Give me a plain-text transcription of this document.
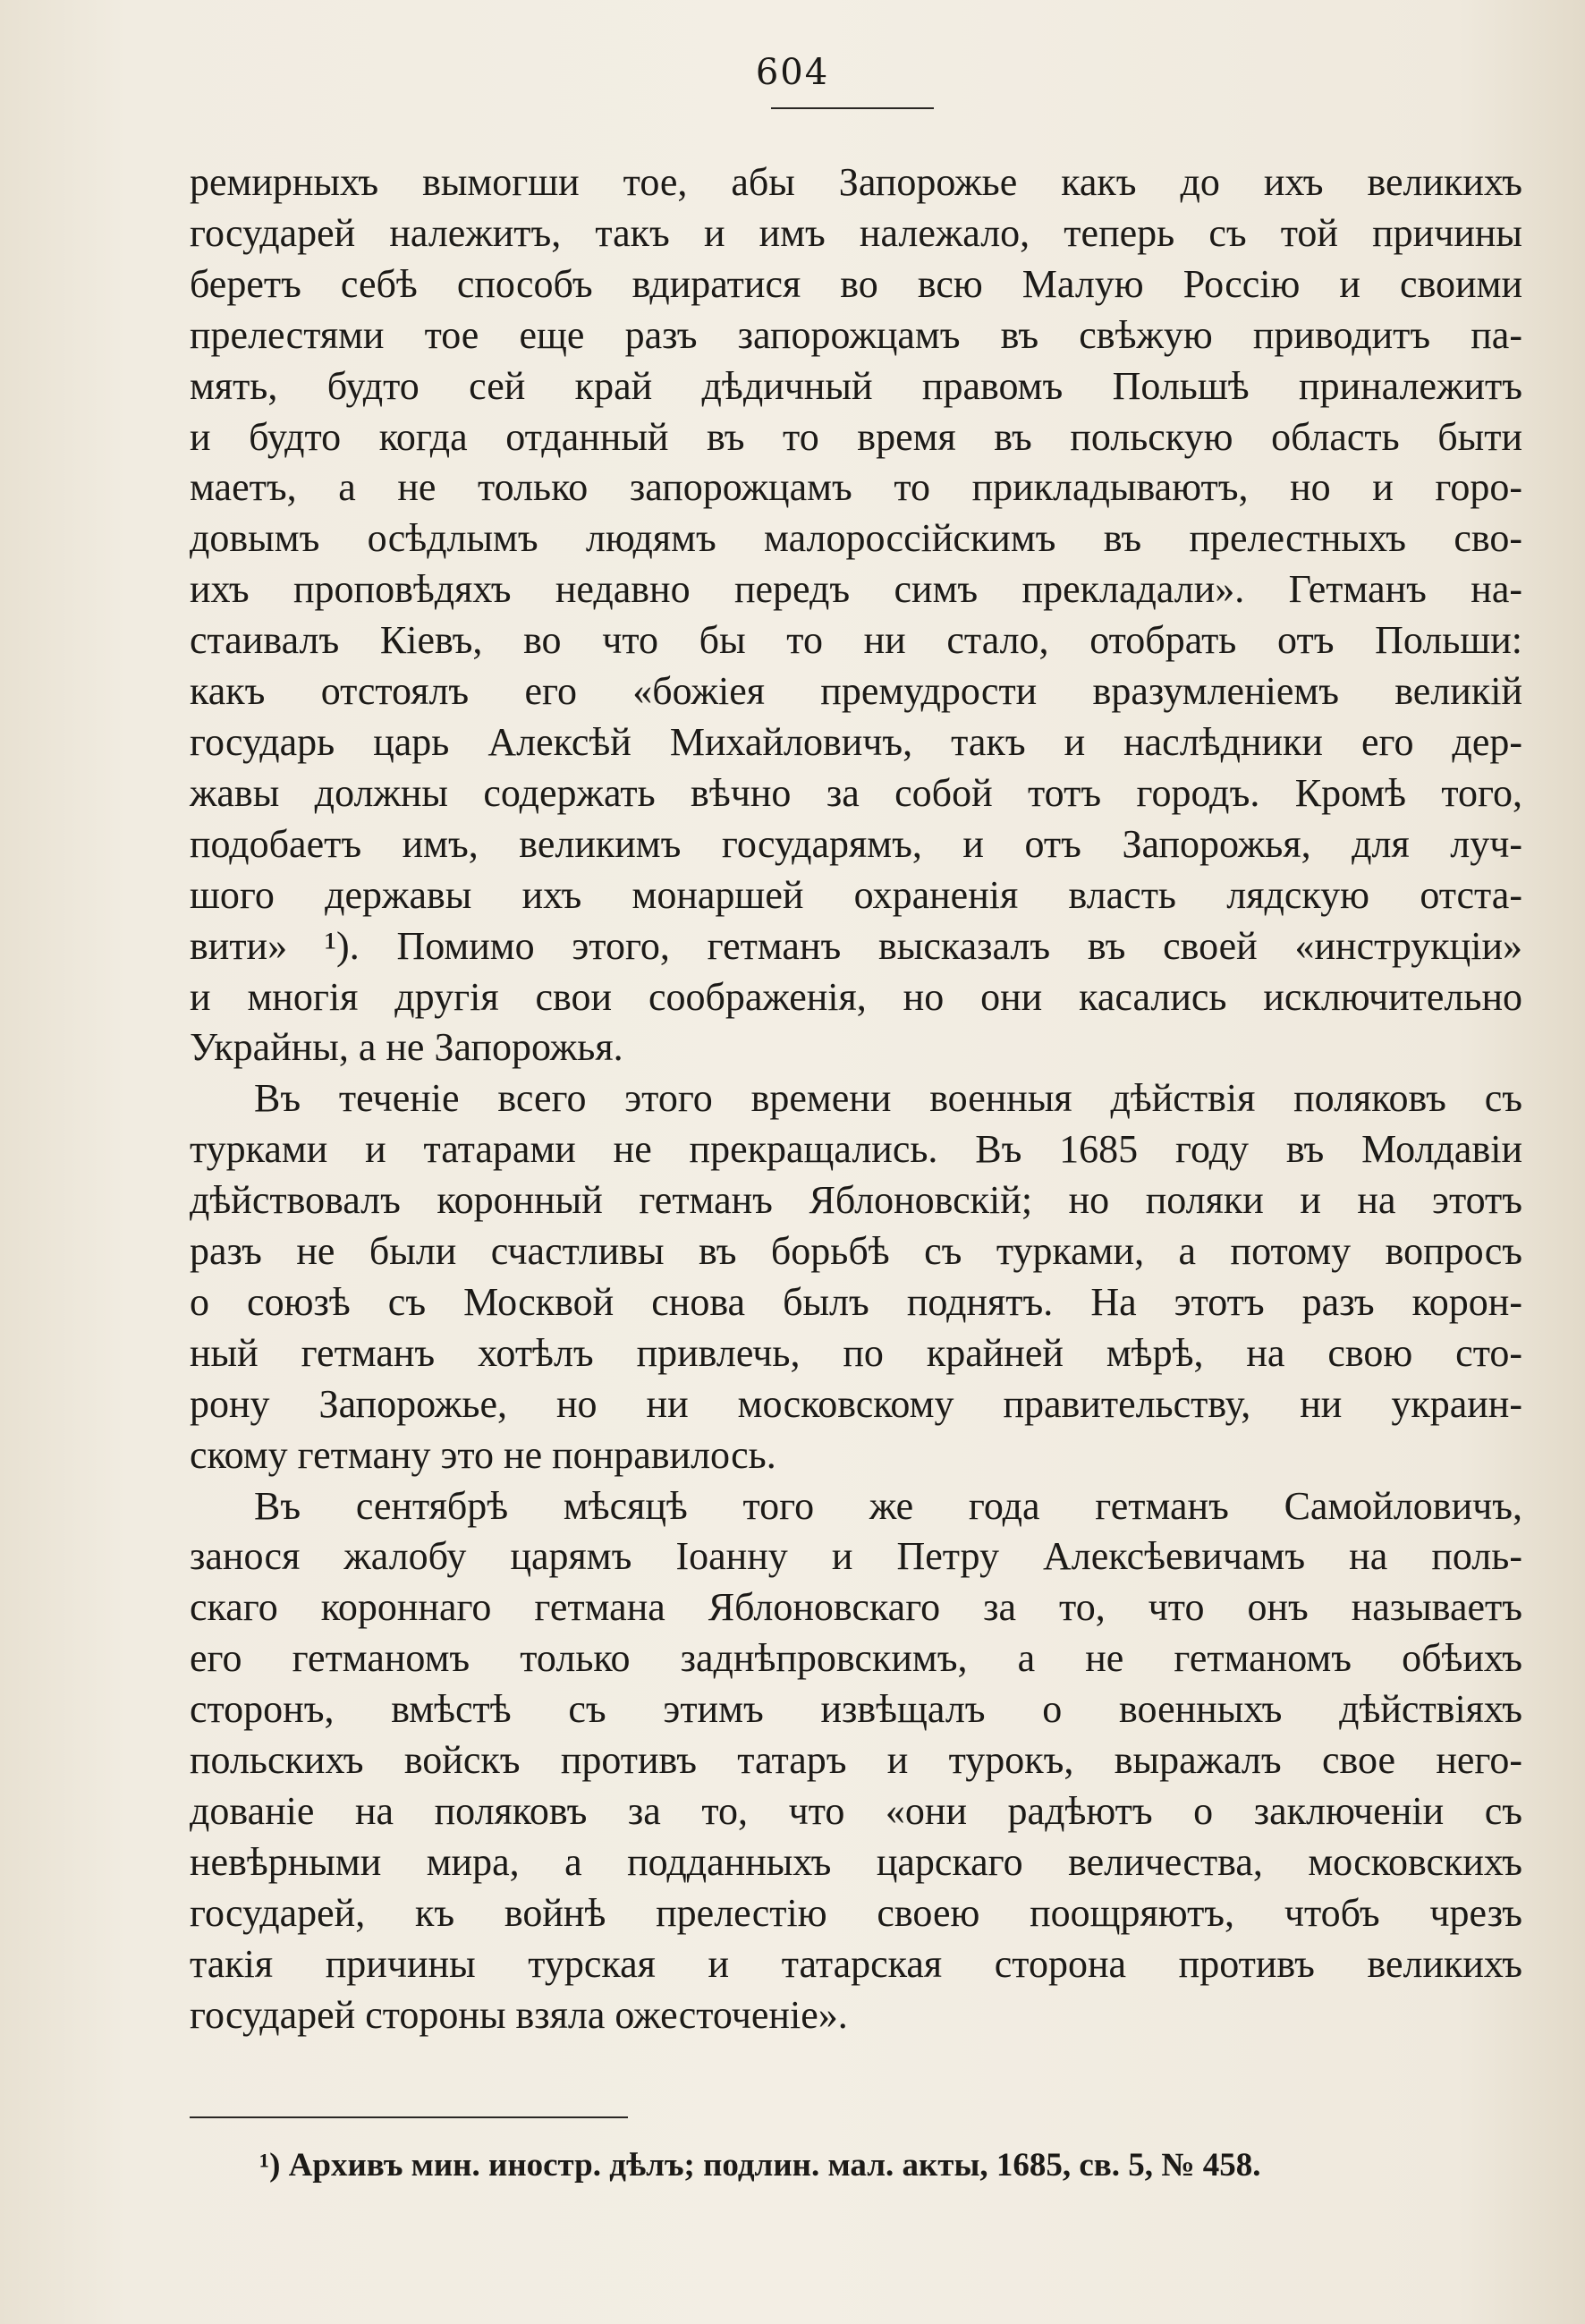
604
ремирныхъ вымогши тое, абы Запорожье какъ до ихъ великихъ
государей належитъ, такъ и имъ належало, теперь съ той причины
беретъ себѣ способъ вдиратися во всю Малую Россію и своими
прелестями тое еще разъ запорожцамъ въ свѣжую приводитъ па-
мять, будто сей край дѣдичный правомъ Польшѣ приналежитъ
и будто когда отданный въ то время въ польскую область быти
маетъ, а не только запорожцамъ то прикладываютъ, но и горо-
довымъ осѣдлымъ людямъ малороссійскимъ въ прелестныхъ сво-
ихъ проповѣдяхъ недавно передъ симъ прекладали». Гетманъ на-
стаивалъ Кіевъ, во что бы то ни стало, отобрать отъ Польши:
какъ отстоялъ его «божіея премудрости вразумленіемъ великій
государь царь Алексѣй Михайловичъ, такъ и наслѣдники его дер-
жавы должны содержать вѣчно за собой тотъ городъ. Кромѣ того,
подобаетъ имъ, великимъ государямъ, и отъ Запорожья, для луч-
шого державы ихъ монаршей охраненія власть лядскую отста-
вити» ¹). Помимо этого, гетманъ высказалъ въ своей «инструкціи»
и многія другія свои соображенія, но они касались исключительно
Украйны, а не Запорожья.
Въ теченіе всего этого времени военныя дѣйствія поляковъ съ
турками и татарами не прекращались. Въ 1685 году въ Молдавіи
дѣйствовалъ коронный гетманъ Яблоновскій; но поляки и на этотъ
разъ не были счастливы въ борьбѣ съ турками, а потому вопросъ
о союзѣ съ Москвой снова былъ поднятъ. На этотъ разъ корон-
ный гетманъ хотѣлъ привлечь, по крайней мѣрѣ, на свою сто-
рону Запорожье, но ни московскому правительству, ни украин-
скому гетману это не понравилось.
Въ сентябрѣ мѣсяцѣ того же года гетманъ Самойловичъ,
занося жалобу царямъ Іоанну и Петру Алексѣевичамъ на поль-
скаго короннаго гетмана Яблоновскаго за то, что онъ называетъ
его гетманомъ только заднѣпровскимъ, а не гетманомъ обѣихъ
сторонъ, вмѣстѣ съ этимъ извѣщалъ о военныхъ дѣйствіяхъ
польскихъ войскъ противъ татаръ и турокъ, выражалъ свое него-
дованіе на поляковъ за то, что «они радѣютъ о заключеніи съ
невѣрными мира, а подданныхъ царскаго величества, московскихъ
государей, къ войнѣ прелестію своею поощряютъ, чтобъ чрезъ
такія причины турская и татарская сторона противъ великихъ
государей стороны взяла ожесточеніе».
¹) Архивъ мин. иностр. дѣлъ; подлин. мал. акты, 1685, св. 5, № 458.
